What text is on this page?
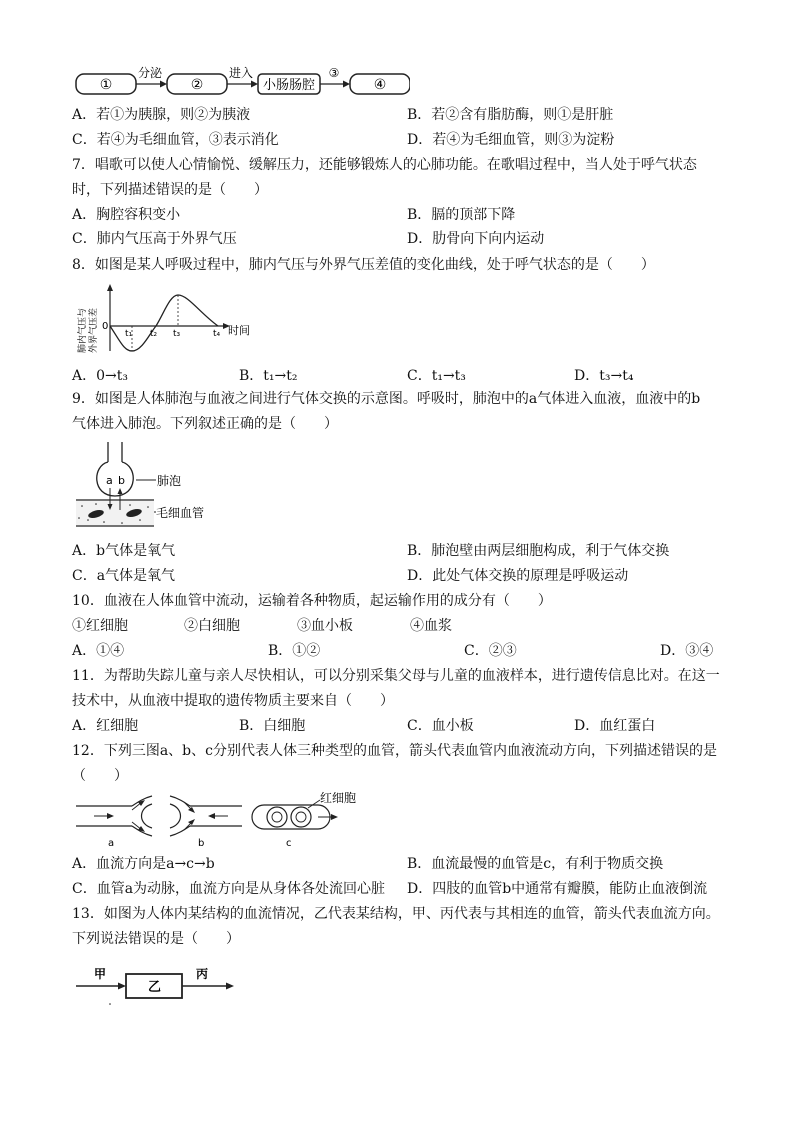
①	②	小肠肠腔	④
分泌	进入	③
A．若①为胰腺，则②为胰液	B．若②含有脂肪酶，则①是肝脏
C．若④为毛细血管，③表示消化	D．若④为毛细血管，则③为淀粉
7．唱歌可以使人心情愉悦、缓解压力，还能够锻炼人的心肺功能。在歌唱过程中，当人处于呼气状态
时，下列描述错误的是（　　）
A．胸腔容积变小	B．膈的顶部下降
C．肺内气压高于外界气压	D．肋骨向下向内运动
8．如图是某人呼吸过程中，肺内气压与外界气压差值的变化曲线，处于呼气状态的是（　　）
肺内气压与 外界气压差 0	时间
t₁ t₂ t₃	t₄
A．0→t₃	B．t₁→t₂	C．t₁→t₃	D．t₃→t₄
9．如图是人体肺泡与血液之间进行气体交换的示意图。呼吸时，肺泡中的a气体进入血液，血液中的b
气体进入肺泡。下列叙述正确的是（　　）
a b	肺泡
毛细血管
A．b气体是氧气	B．肺泡壁由两层细胞构成，利于气体交换
C．a气体是氧气	D．此处气体交换的原理是呼吸运动
10．血液在人体血管中流动，运输着各种物质，起运输作用的成分有（　　）
①红细胞	②白细胞	③血小板	④血浆
A．①④	B．①②	C．②③	D．③④
11．为帮助失踪儿童与亲人尽快相认，可以分别采集父母与儿童的血液样本，进行遗传信息比对。在这一
技术中，从血液中提取的遗传物质主要来自（　　）
A．红细胞	B．白细胞	C．血小板	D．血红蛋白
12．下列三图a、b、c分别代表人体三种类型的血管，箭头代表血管内血液流动方向，下列描述错误的是
（　　）
a	b
红细胞
c
A．血流方向是a→c→b	B．血流最慢的血管是c，有利于物质交换
C．血管a为动脉，血流方向是从身体各处流回心脏 D．四肢的血管b中通常有瓣膜，能防止血液倒流
13．如图为人体内某结构的血流情况，乙代表某结构，甲、丙代表与其相连的血管，箭头代表血流方向。
下列说法错误的是（　　）
甲	丙
乙
